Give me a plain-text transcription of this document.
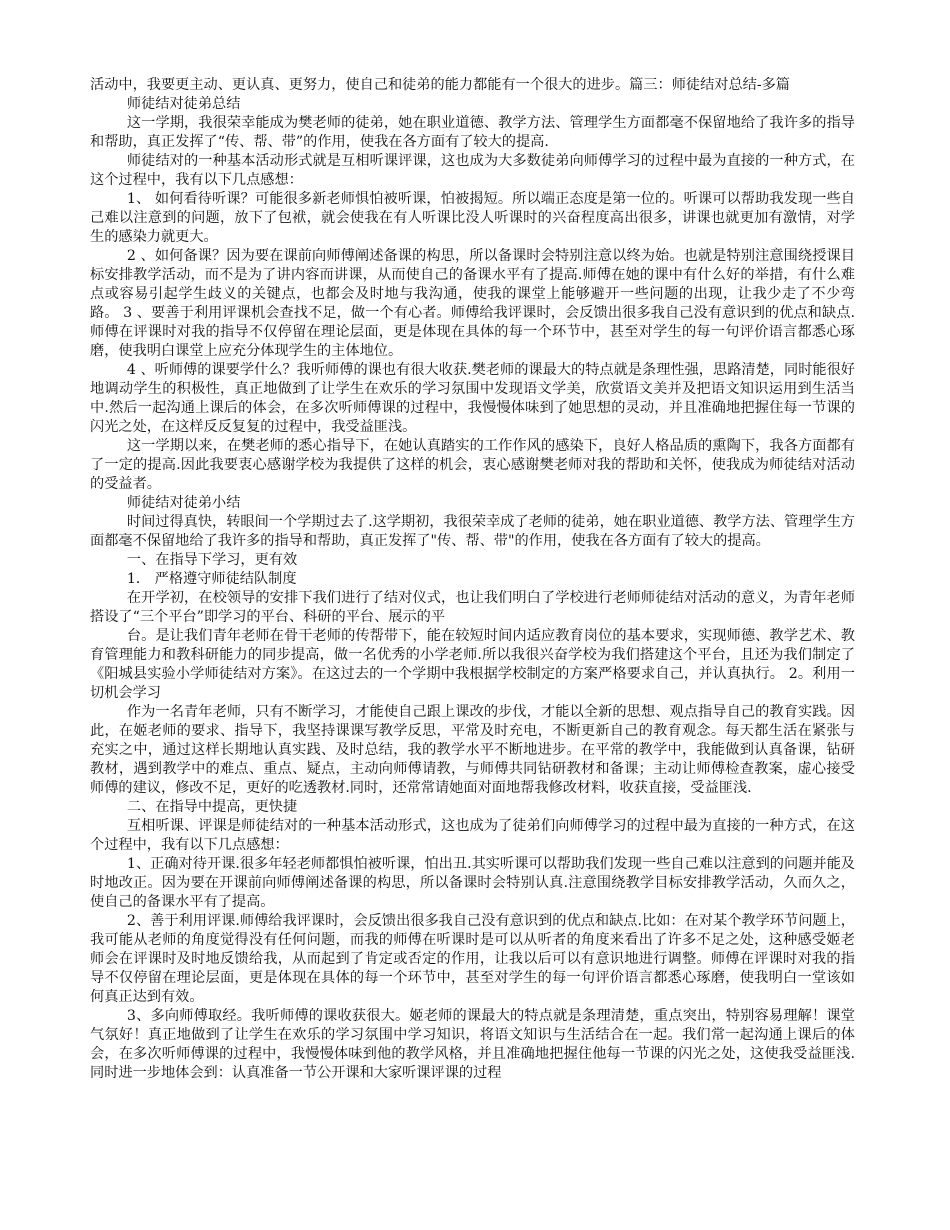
活动中，我要更主动、更认真、更努力，使自己和徒弟的能力都能有一个很大的进步。篇三：师徒结对总结-多篇

师徒结对徒弟总结

这一学期，我很荣幸能成为樊老师的徒弟，她在职业道德、教学方法、管理学生方面都毫不保留地给了我许多的指导和帮助，真正发挥了“传、帮、带”的作用，使我在各方面有了较大的提高.

师徒结对的一种基本活动形式就是互相听课评课，这也成为大多数徒弟向师傅学习的过程中最为直接的一种方式，在这个过程中，我有以下几点感想：

1、 如何看待听课？可能很多新老师惧怕被听课，怕被揭短。所以端正态度是第一位的。听课可以帮助我发现一些自己难以注意到的问题，放下了包袱，就会使我在有人听课比没人听课时的兴奋程度高出很多，讲课也就更加有激情，对学生的感染力就更大。

2 、如何备课？因为要在课前向师傅阐述备课的构思，所以备课时会特别注意以终为始。也就是特别注意围绕授课目标安排教学活动，而不是为了讲内容而讲课，从而使自己的备课水平有了提高.师傅在她的课中有什么好的举措，有什么难点或容易引起学生歧义的关键点，也都会及时地与我沟通，使我的课堂上能够避开一些问题的出现，让我少走了不少弯路。 3 、要善于利用评课机会查找不足，做一个有心者。师傅给我评课时，会反馈出很多我自己没有意识到的优点和缺点.师傅在评课时对我的指导不仅停留在理论层面，更是体现在具体的每一个环节中，甚至对学生的每一句评价语言都悉心琢磨，使我明白课堂上应充分体现学生的主体地位。

4 、听师傅的课要学什么？我听师傅的课也有很大收获.樊老师的课最大的特点就是条理性强，思路清楚，同时能很好地调动学生的积极性，真正地做到了让学生在欢乐的学习氛围中发现语文学美，欣赏语文美并及把语文知识运用到生活当中.然后一起沟通上课后的体会，在多次听师傅课的过程中，我慢慢体味到了她思想的灵动，并且准确地把握住每一节课的闪光之处，在这样反反复复的过程中，我受益匪浅。

这一学期以来，在樊老师的悉心指导下，在她认真踏实的工作作风的感染下，良好人格品质的熏陶下，我各方面都有了一定的提高.因此我要衷心感谢学校为我提供了这样的机会，衷心感谢樊老师对我的帮助和关怀，使我成为师徒结对活动的受益者。

师徒结对徒弟小结

时间过得真快，转眼间一个学期过去了.这学期初，我很荣幸成了老师的徒弟，她在职业道德、教学方法、管理学生方面都毫不保留地给了我许多的指导和帮助，真正发挥了"传、帮、带"的作用，使我在各方面有了较大的提高。

一、在指导下学习，更有效

1． 严格遵守师徒结队制度

在开学初，在校领导的安排下我们进行了结对仪式，也让我们明白了学校进行老师师徒结对活动的意义，为青年老师搭设了“三个平台”即学习的平台、科研的平台、展示的平

台。是让我们青年老师在骨干老师的传帮带下，能在较短时间内适应教育岗位的基本要求，实现师德、教学艺术、教育管理能力和教科研能力的同步提高，做一名优秀的小学老师.所以我很兴奋学校为我们搭建这个平台，且还为我们制定了《阳城县实验小学师徒结对方案》。在这过去的一个学期中我根据学校制定的方案严格要求自己，并认真执行。 2。利用一切机会学习

作为一名青年老师，只有不断学习，才能使自己跟上课改的步伐，才能以全新的思想、观点指导自己的教育实践。因此，在姬老师的要求、指导下，我坚持课课写教学反思，平常及时充电，不断更新自己的教育观念。每天都生活在紧张与充实之中，通过这样长期地认真实践、及时总结，我的教学水平不断地进步。在平常的教学中，我能做到认真备课，钻研教材，遇到教学中的难点、重点、疑点，主动向师傅请教，与师傅共同钻研教材和备课；主动让师傅检查教案，虚心接受师傅的建议，修改不足，更好的吃透教材.同时，还常常请她面对面地帮我修改材料，收获直接，受益匪浅.

二、在指导中提高，更快捷

互相听课、评课是师徒结对的一种基本活动形式，这也成为了徒弟们向师傅学习的过程中最为直接的一种方式，在这个过程中，我有以下几点感想：

1、正确对待开课.很多年轻老师都惧怕被听课，怕出丑.其实听课可以帮助我们发现一些自己难以注意到的问题并能及时地改正。因为要在开课前向师傅阐述备课的构思，所以备课时会特别认真.注意围绕教学目标安排教学活动，久而久之，使自己的备课水平有了提高。

2、善于利用评课.师傅给我评课时，会反馈出很多我自己没有意识到的优点和缺点.比如：在对某个教学环节问题上，我可能从老师的角度觉得没有任何问题，而我的师傅在听课时是可以从听者的角度来看出了许多不足之处，这种感受姬老师会在评课时及时地反馈给我，从而起到了肯定或否定的作用，让我以后可以有意识地进行调整。师傅在评课时对我的指导不仅停留在理论层面，更是体现在具体的每一个环节中，甚至对学生的每一句评价语言都悉心琢磨，使我明白一堂该如何真正达到有效。

3、多向师傅取经。我听师傅的课收获很大。姬老师的课最大的特点就是条理清楚，重点突出，特别容易理解！课堂气氛好！真正地做到了让学生在欢乐的学习氛围中学习知识，将语文知识与生活结合在一起。我们常一起沟通上课后的体会，在多次听师傅课的过程中，我慢慢体味到他的教学风格，并且准确地把握住他每一节课的闪光之处，这使我受益匪浅.同时进一步地体会到：认真准备一节公开课和大家听课评课的过程
